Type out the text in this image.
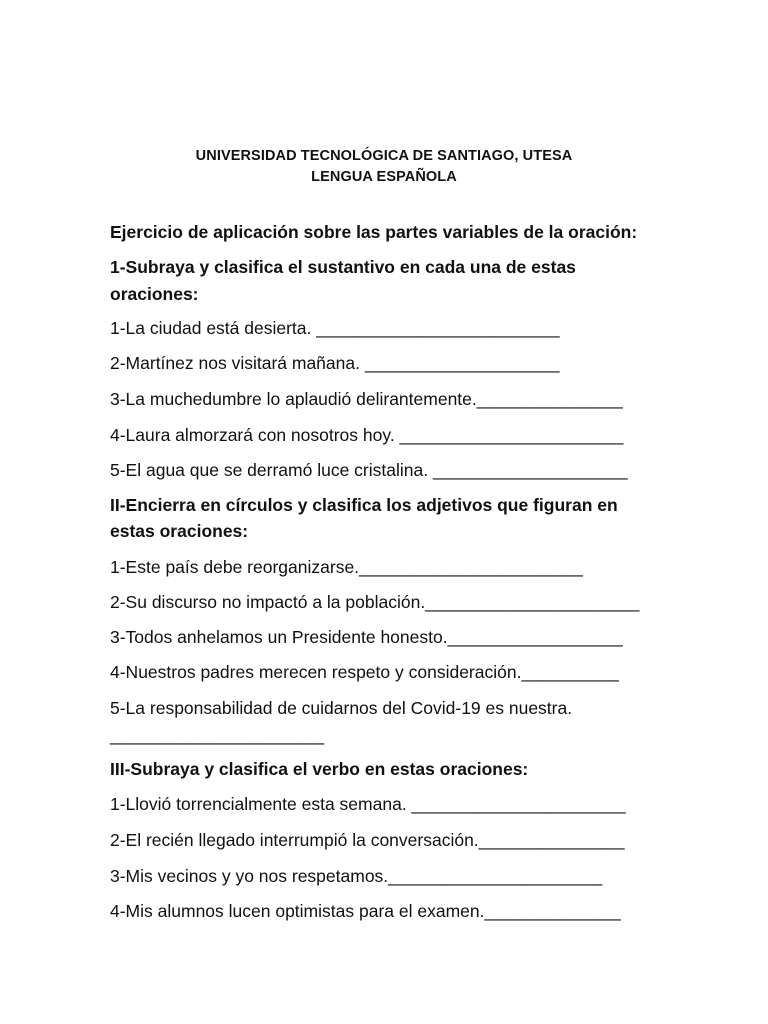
UNIVERSIDAD TECNOLÓGICA DE SANTIAGO, UTESA
LENGUA ESPAÑOLA
Ejercicio de aplicación sobre las partes variables de la oración:
1-Subraya y clasifica el sustantivo en cada una de estas
oraciones:
1-La ciudad está desierta. _________________________
2-Martínez nos visitará mañana. ____________________
3-La muchedumbre lo aplaudió delirantemente._______________
4-Laura almorzará con nosotros hoy. _______________________
5-El agua que se derramó luce cristalina. ____________________
II-Encierra en círculos y clasifica los adjetivos que figuran en
estas oraciones:
1-Este país debe reorganizarse._______________________
2-Su discurso no impactó a la población.______________________
3-Todos anhelamos un Presidente honesto.__________________
4-Nuestros padres merecen respeto y consideración.__________
5-La responsabilidad de cuidarnos del Covid-19 es nuestra.
______________________
III-Subraya y clasifica el verbo en estas oraciones:
1-Llovió torrencialmente esta semana. ______________________
2-El recién llegado interrumpió la conversación._______________
3-Mis vecinos y yo nos respetamos.______________________
4-Mis alumnos lucen optimistas para el examen.______________
